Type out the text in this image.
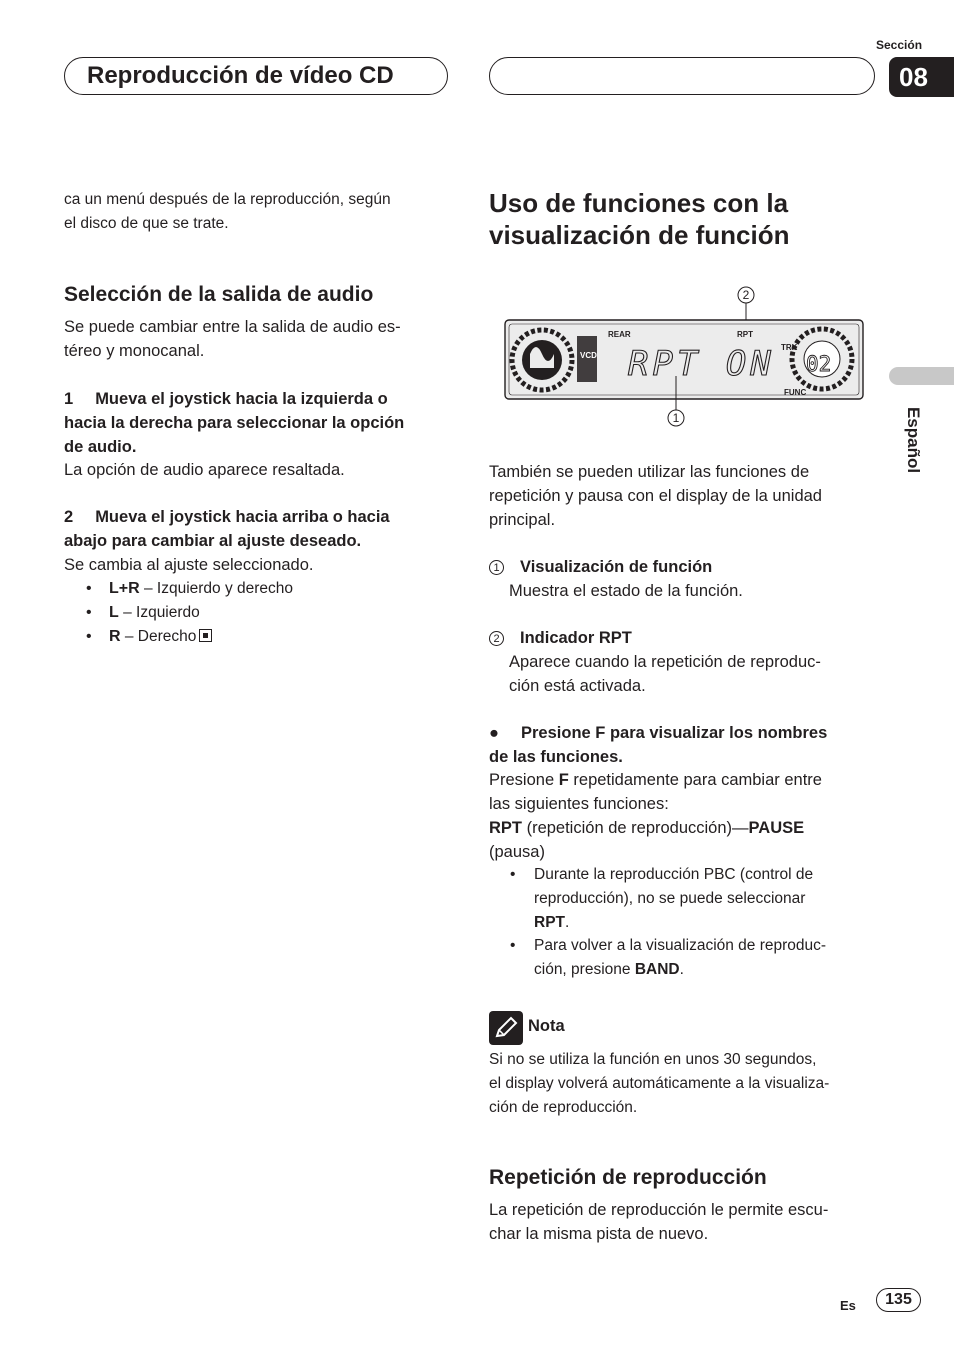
Reproducción de vídeo CD
Sección
08
Español
ca un menú después de la reproducción, según
el disco de que se trate.
Selección de la salida de audio
Se puede cambiar entre la salida de audio es-
téreo y monocanal.
1 Mueva el joystick hacia la izquierda o
hacia la derecha para seleccionar la opción
de audio.
La opción de audio aparece resaltada.
2 Mueva el joystick hacia arriba o hacia
abajo para cambiar al ajuste deseado.
Se cambia al ajuste seleccionado.
• L+R – Izquierdo y derecho
• L – Izquierdo
• R – Derecho
Uso de funciones con la
visualización de función
2
REAR	RPT
VCD
TRK
FUNC
RPT ON 02
1
También se pueden utilizar las funciones de
repetición y pausa con el display de la unidad
principal.
1 Visualización de función
Muestra el estado de la función.
2 Indicador RPT
Aparece cuando la repetición de reproduc-
ción está activada.
● Presione F para visualizar los nombres
de las funciones.
Presione F repetidamente para cambiar entre
las siguientes funciones:
RPT (repetición de reproducción)—PAUSE
(pausa)
• Durante la reproducción PBC (control de
reproducción), no se puede seleccionar
RPT.
• Para volver a la visualización de reproduc-
ción, presione BAND.
Nota
Si no se utiliza la función en unos 30 segundos,
el display volverá automáticamente a la visualiza-
ción de reproducción.
Repetición de reproducción
La repetición de reproducción le permite escu-
char la misma pista de nuevo.
Es	135
